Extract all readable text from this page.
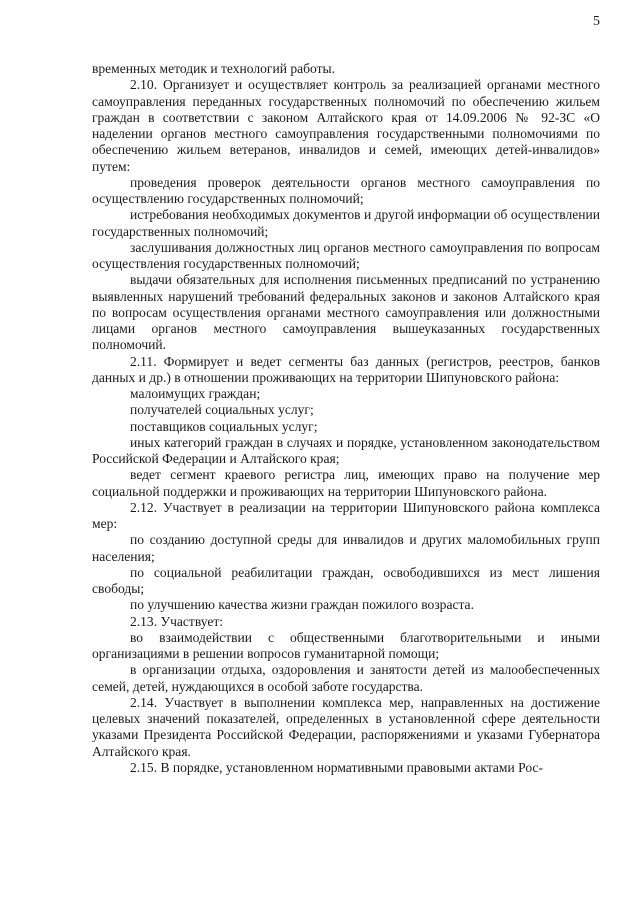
5

временных методик и технологий работы.

2.10. Организует и осуществляет контроль за реализацией органами местного самоуправления переданных государственных полномочий по обеспечению жильем граждан в соответствии с законом Алтайского края от 14.09.2006 № 92-ЗС «О наделении органов местного самоуправления государственными полномочиями по обеспечению жильем ветеранов, инвалидов и семей, имеющих детей-инвалидов» путем:

проведения проверок деятельности органов местного самоуправления по осуществлению государственных полномочий;

истребования необходимых документов и другой информации об осуществлении государственных полномочий;

заслушивания должностных лиц органов местного самоуправления по вопросам осуществления государственных полномочий;

выдачи обязательных для исполнения письменных предписаний по устранению выявленных нарушений требований федеральных законов и законов Алтайского края по вопросам осуществления органами местного самоуправления или должностными лицами органов местного самоуправления вышеуказанных государственных полномочий.

2.11. Формирует и ведет сегменты баз данных (регистров, реестров, банков данных и др.) в отношении проживающих на территории Шипуновского района:

малоимущих граждан;

получателей социальных услуг;

поставщиков социальных услуг;

иных категорий граждан в случаях и порядке, установленном законодательством Российской Федерации и Алтайского края;

ведет сегмент краевого регистра лиц, имеющих право на получение мер социальной поддержки и проживающих на территории Шипуновского района.

2.12. Участвует в реализации на территории Шипуновского района комплекса мер:

по созданию доступной среды для инвалидов и других маломобильных групп населения;

по социальной реабилитации граждан, освободившихся из мест лишения свободы;

по улучшению качества жизни граждан пожилого возраста.

2.13. Участвует:

во взаимодействии с общественными благотворительными и иными организациями в решении вопросов гуманитарной помощи;

в организации отдыха, оздоровления и занятости детей из малообеспеченных семей, детей, нуждающихся в особой заботе государства.

2.14. Участвует в выполнении комплекса мер, направленных на достижение целевых значений показателей, определенных в установленной сфере деятельности указами Президента Российской Федерации, распоряжениями и указами Губернатора Алтайского края.

2.15. В порядке, установленном нормативными правовыми актами Рос-
